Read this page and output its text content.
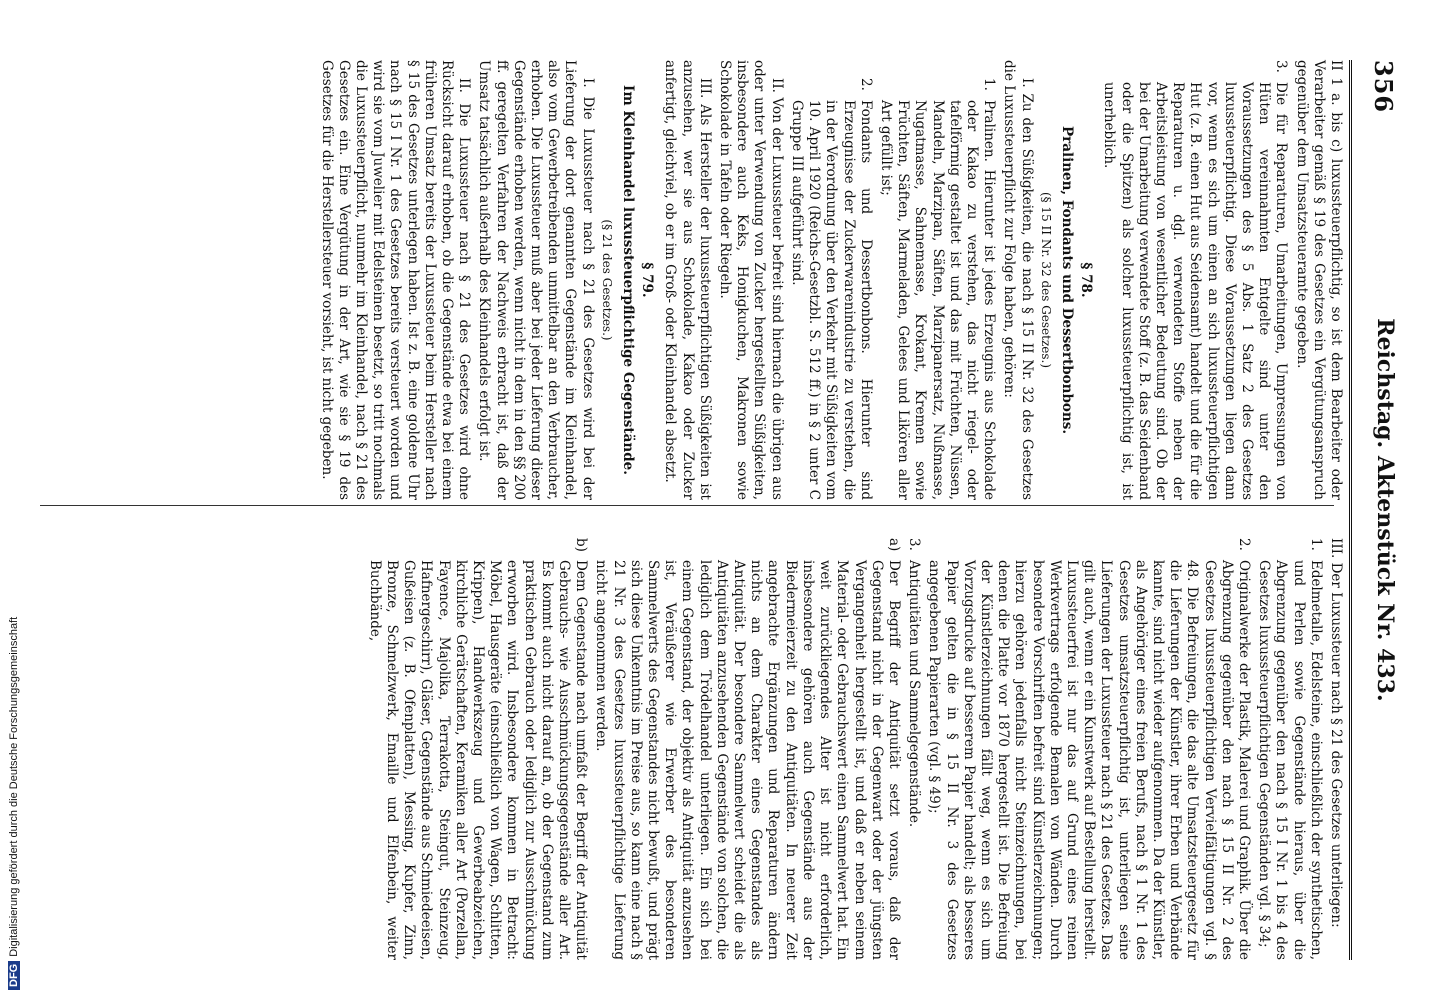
356
Reichstag. Aktenstück Nr. 433.

II 1 a. bis c) luxussteuerpflichtig, so ist dem Bearbeiter oder Verarbeiter gemäß § 19 des Gesetzes ein Vergütungsanspruch gegenüber dem Umsatzsteueramte gegeben.

3.
Die für Reparaturen, Umarbeitungen, Umpressungen von Hüten vereinnahmten Entgelte sind unter den Voraussetzungen des § 5 Abs. 1 Satz 2 des Gesetzes luxussteuerpflichtig. Diese Voraussetzungen liegen dann vor, wenn es sich um einen an sich luxussteuerpflichtigen Hut (z. B. einen Hut aus Seidensamt) handelt und die für die Reparaturen u. dgl. verwendeten Stoffe neben der Arbeitsleistung von wesentlicher Bedeutung sind. Ob der bei der Umarbeitung verwendete Stoff (z. B. das Seidenband oder die Spitzen) als solcher luxussteuerpflichtig ist, ist unerheblich.

§ 78.

Pralinen, Fondants und Dessertbonbons.

(§ 15 II Nr. 32 des Gesetzes.)

I. Zu den Süßigkeiten, die nach § 15 II Nr. 32 des Gesetzes die Luxussteuerpflicht zur Folge haben, gehören:

1.
Pralinen. Hierunter ist jedes Erzeugnis aus Schokolade oder Kakao zu verstehen, das nicht riegel- oder tafelförmig gestaltet ist und das mit Früchten, Nüssen, Mandeln, Marzipan, Säften, Marzipanersatz, Nußmasse, Nugatmasse, Sahnemasse, Krokant, Kremen sowie Früchten, Säften, Marmeladen, Gelees und Likören aller Art gefüllt ist;

2.
Fondants und Dessertbonbons. Hierunter sind Erzeugnisse der Zuckerwarenindustrie zu verstehen, die in der Verordnung über den Verkehr mit Süßigkeiten vom 10. April 1920 (Reichs-Gesetzbl. S. 512 ff.) in § 2 unter C Gruppe III aufgeführt sind.

II. Von der Luxussteuer befreit sind hiernach die übrigen aus oder unter Verwendung von Zucker hergestellten Süßigkeiten, insbesondere auch Keks, Honigkuchen, Makronen sowie Schokolade in Tafeln oder Riegeln.

III. Als Hersteller der luxussteuerpflichtigen Süßigkeiten ist anzusehen, wer sie aus Schokolade, Kakao oder Zucker anfertigt, gleichviel, ob er im Groß- oder Kleinhandel absetzt.

§ 79.

Im Kleinhandel luxussteuerpflichtige Gegenstände.

(§ 21 des Gesetzes.)

I. Die Luxussteuer nach § 21 des Gesetzes wird bei der Lieferung der dort genannten Gegenstände im Kleinhandel, also vom Gewerbetreibenden unmittelbar an den Verbraucher, erhoben. Die Luxussteuer muß aber bei jeder Lieferung dieser Gegenstände erhoben werden, wenn nicht in dem in den §§ 200 ff. geregelten Verfahren der Nachweis erbracht ist, daß der Umsatz tatsächlich außerhalb des Kleinhandels erfolgt ist.

II. Die Luxussteuer nach § 21 des Gesetzes wird ohne Rücksicht darauf erhoben, ob die Gegenstände etwa bei einem früheren Umsatz bereits der Luxussteuer beim Hersteller nach § 15 des Gesetzes unterlegen haben. Ist z. B. eine goldene Uhr nach § 15 I Nr. 1 des Gesetzes bereits versteuert worden und wird sie vom Juwelier mit Edelsteinen besetzt, so tritt nochmals die Luxussteuerpflicht, nunmehr im Kleinhandel, nach § 21 des Gesetzes ein. Eine Vergütung in der Art, wie sie § 19 des Gesetzes für die Herstellersteuer vorsieht, ist nicht gegeben.

III. Der Luxussteuer nach § 21 des Gesetzes unterliegen:

1.
Edelmetalle, Edelsteine, einschließlich der synthetischen, und Perlen sowie Gegenstände hieraus, über die Abgrenzung gegenüber den nach § 15 I Nr. 1 bis 4 des Gesetzes luxussteuerpflichtigen Gegenständen vgl. § 34;

2.
Originalwerke der Plastik, Malerei und Graphik. Über die Abgrenzung gegenüber den nach § 15 II Nr. 2 des Gesetzes luxussteuerpflichtigen Vervielfältigungen vgl. § 48. Die Befreiungen, die das alte Umsatzsteuergesetz für die Lieferungen der Künstler, ihrer Erben und Verbände kannte, sind nicht wieder aufgenommen. Da der Künstler, als Angehöriger eines freien Berufs, nach § 1 Nr. 1 des Gesetzes umsatzsteuerpflichtig ist, unterliegen seine Lieferungen der Luxussteuer nach § 21 des Gesetzes. Das gilt auch, wenn er ein Kunstwerk auf Bestellung herstellt. Luxussteuerfrei ist nur das auf Grund eines reinen Werkvertrags erfolgende Bemalen von Wänden. Durch besondere Vorschriften befreit sind Künstlerzeichnungen; hierzu gehören jedenfalls nicht Steinzeichnungen, bei denen die Platte vor 1870 hergestellt ist. Die Befreiung der Künstlerzeichnungen fällt weg, wenn es sich um Vorzugsdrucke auf besserem Papier handelt; als besseres Papier gelten die in § 15 II Nr. 3 des Gesetzes angegebenen Papierarten (vgl. § 49);

3.
Antiquitäten und Sammelgegenstände.

a)
Der Begriff der Antiquität setzt voraus, daß der Gegenstand nicht in der Gegenwart oder der jüngsten Vergangenheit hergestellt ist, und daß er neben seinem Material- oder Gebrauchswert einen Sammelwert hat. Ein weit zurückliegendes Alter ist nicht erforderlich, insbesondere gehören auch Gegenstände aus der Biedermeierzeit zu den Antiquitäten. In neuerer Zeit angebrachte Ergänzungen und Reparaturen ändern nichts an dem Charakter eines Gegenstandes als Antiquität. Der besondere Sammelwert scheidet die als Antiquitäten anzusehenden Gegenstände von solchen, die lediglich dem Trödelhandel unterliegen. Ein sich bei einem Gegenstand, der objektiv als Antiquität anzusehen ist, Veräußerer wie Erwerber des besonderen Sammelwerts des Gegenstandes nicht bewußt, und prägt sich diese Unkenntnis im Preise aus, so kann eine nach § 21 Nr. 3 des Gesetzes luxussteuerpflichtige Lieferung nicht angenommen werden.

b)
Dem Gegenstande nach umfaßt der Begriff der Antiquität Gebrauchs- wie Ausschmückungsgegenstände aller Art. Es kommt auch nicht darauf an, ob der Gegenstand zum praktischen Gebrauch oder lediglich zur Ausschmückung erworben wird. Insbesondere kommen in Betracht: Möbel, Hausgeräte (einschließlich von Wagen, Schlitten, Krippen), Handwerkszeug und Gewerbeabzeichen, kirchliche Gerätschaften, Keramiken aller Art (Porzellan, Fayence, Majolika, Terrakotta, Steingut, Steinzeug, Hafnergeschirr), Gläser, Gegenstände aus Schmiedeeisen, Gußeisen (z. B. Ofenplatten), Messing, Kupfer, Zinn, Bronze, Schmelzwerk, Emaille und Elfenbein, weiter Buchbände,

DFGDigitalisierung gefördert durch die Deutsche Forschungsgemeinschaft
